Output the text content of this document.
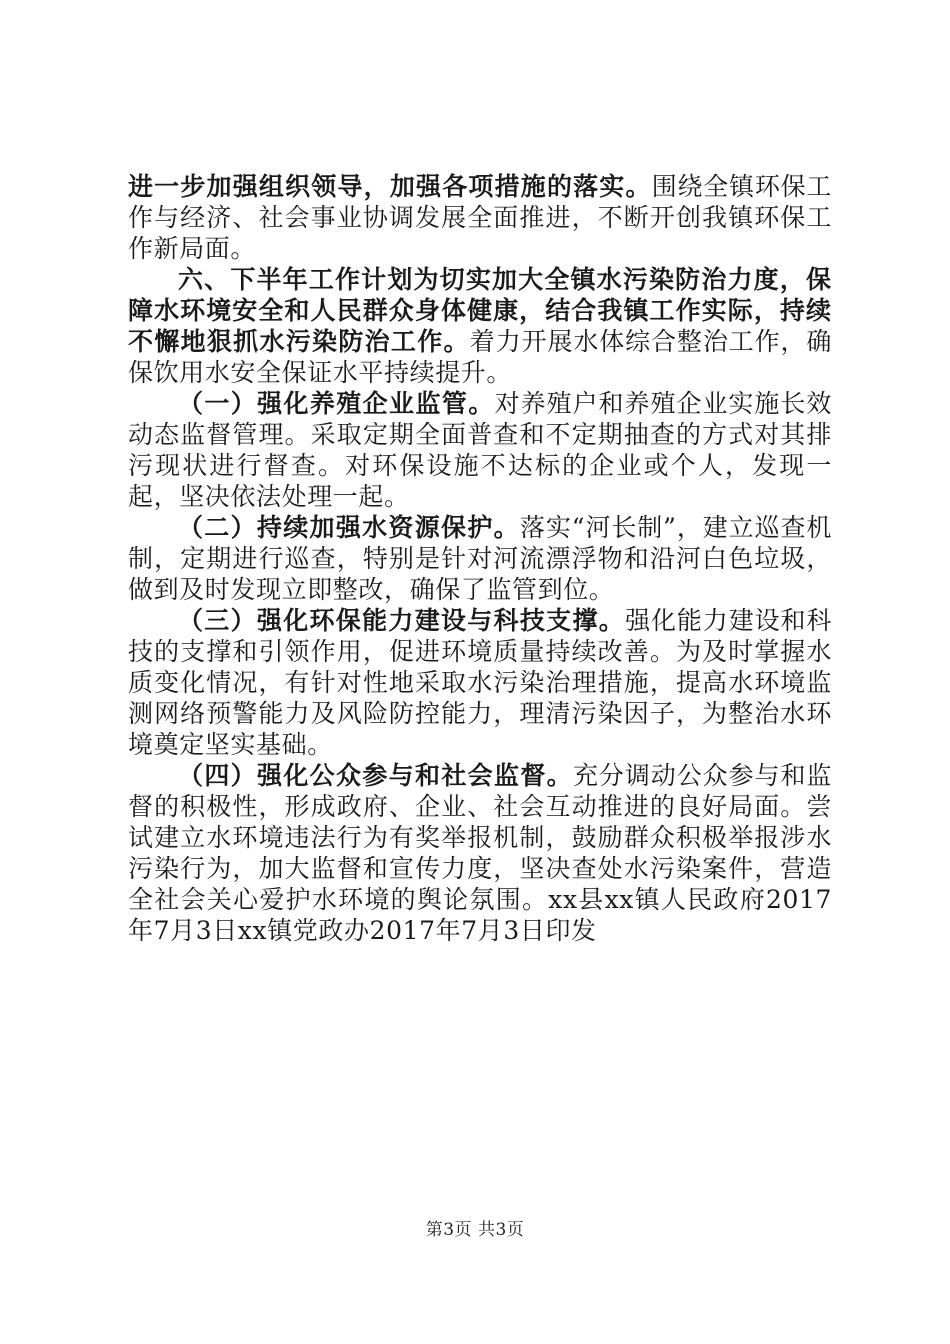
进一步加强组织领导，加强各项措施的落实。围绕全镇环保工作与经济、社会事业协调发展全面推进，不断开创我镇环保工作新局面。

六、下半年工作计划为切实加大全镇水污染防治力度，保障水环境安全和人民群众身体健康，结合我镇工作实际，持续不懈地狠抓水污染防治工作。着力开展水体综合整治工作，确保饮用水安全保证水平持续提升。

（一）强化养殖企业监管。对养殖户和养殖企业实施长效动态监督管理。采取定期全面普查和不定期抽查的方式对其排污现状进行督查。对环保设施不达标的企业或个人，发现一起，坚决依法处理一起。

（二）持续加强水资源保护。落实“河长制”，建立巡查机制，定期进行巡查，特别是针对河流漂浮物和沿河白色垃圾，做到及时发现立即整改，确保了监管到位。

（三）强化环保能力建设与科技支撑。强化能力建设和科技的支撑和引领作用，促进环境质量持续改善。为及时掌握水质变化情况，有针对性地采取水污染治理措施，提高水环境监测网络预警能力及风险防控能力，理清污染因子，为整治水环境奠定坚实基础。

（四）强化公众参与和社会监督。充分调动公众参与和监督的积极性，形成政府、企业、社会互动推进的良好局面。尝试建立水环境违法行为有奖举报机制，鼓励群众积极举报涉水污染行为，加大监督和宣传力度，坚决查处水污染案件，营造全社会关心爱护水环境的舆论氛围。xx县xx镇人民政府2017年7月3日xx镇党政办2017年7月3日印发

第3页 共3页
